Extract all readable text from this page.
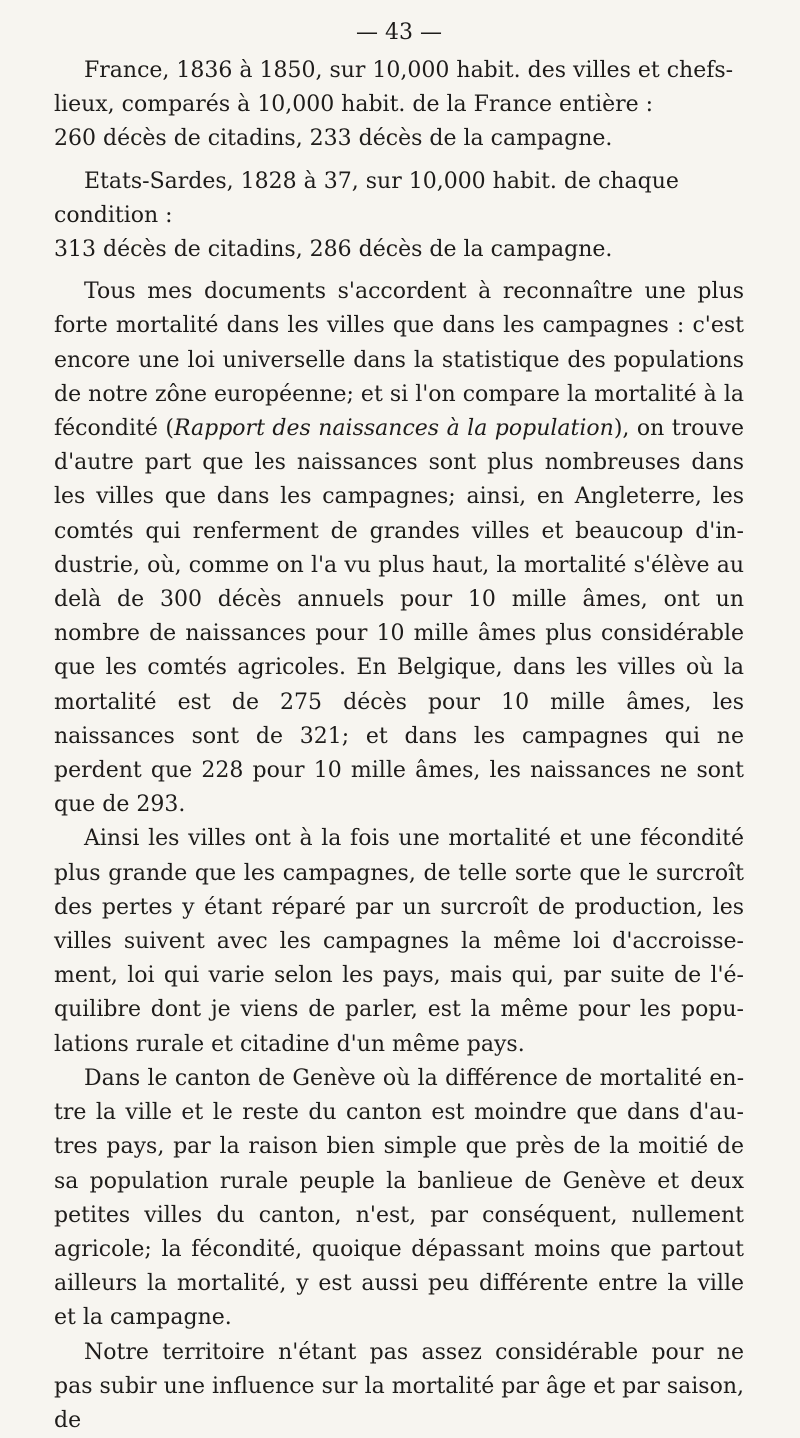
— 43 —

France, 1836 à 1850, sur 10,000 habit. des villes et chefs-
lieux, comparés à 10,000 habit. de la France entière :

260 décès de citadins, 233 décès de la campagne.

Etats-Sardes, 1828 à 37, sur 10,000 habit. de chaque
condition :

313 décès de citadins, 286 décès de la campagne.

Tous mes documents s'accordent à reconnaître une plus forte mortalité dans les villes que dans les campagnes : c'est encore une loi universelle dans la statistique des populations de notre zône européenne; et si l'on compare la mortalité à la fécondité (Rapport des naissances à la population), on trouve d'autre part que les naissances sont plus nombreuses dans les villes que dans les campagnes; ainsi, en Angleterre, les comtés qui renferment de grandes villes et beaucoup d'in- dustrie, où, comme on l'a vu plus haut, la mortalité s'élève au delà de 300 décès annuels pour 10 mille âmes, ont un nombre de naissances pour 10 mille âmes plus considérable que les comtés agricoles. En Belgique, dans les villes où la mortalité est de 275 décès pour 10 mille âmes, les naissances sont de 321; et dans les campagnes qui ne perdent que 228 pour 10 mille âmes, les naissances ne sont que de 293.

Ainsi les villes ont à la fois une mortalité et une fécondité plus grande que les campagnes, de telle sorte que le surcroît des pertes y étant réparé par un surcroît de production, les villes suivent avec les campagnes la même loi d'accroisse- ment, loi qui varie selon les pays, mais qui, par suite de l'é- quilibre dont je viens de parler, est la même pour les popu- lations rurale et citadine d'un même pays.

Dans le canton de Genève où la différence de mortalité en- tre la ville et le reste du canton est moindre que dans d'au- tres pays, par la raison bien simple que près de la moitié de sa population rurale peuple la banlieue de Genève et deux petites villes du canton, n'est, par conséquent, nullement agricole; la fécondité, quoique dépassant moins que partout ailleurs la mortalité, y est aussi peu différente entre la ville et la campagne.

Notre territoire n'étant pas assez considérable pour ne pas subir une influence sur la mortalité par âge et par saison, de
